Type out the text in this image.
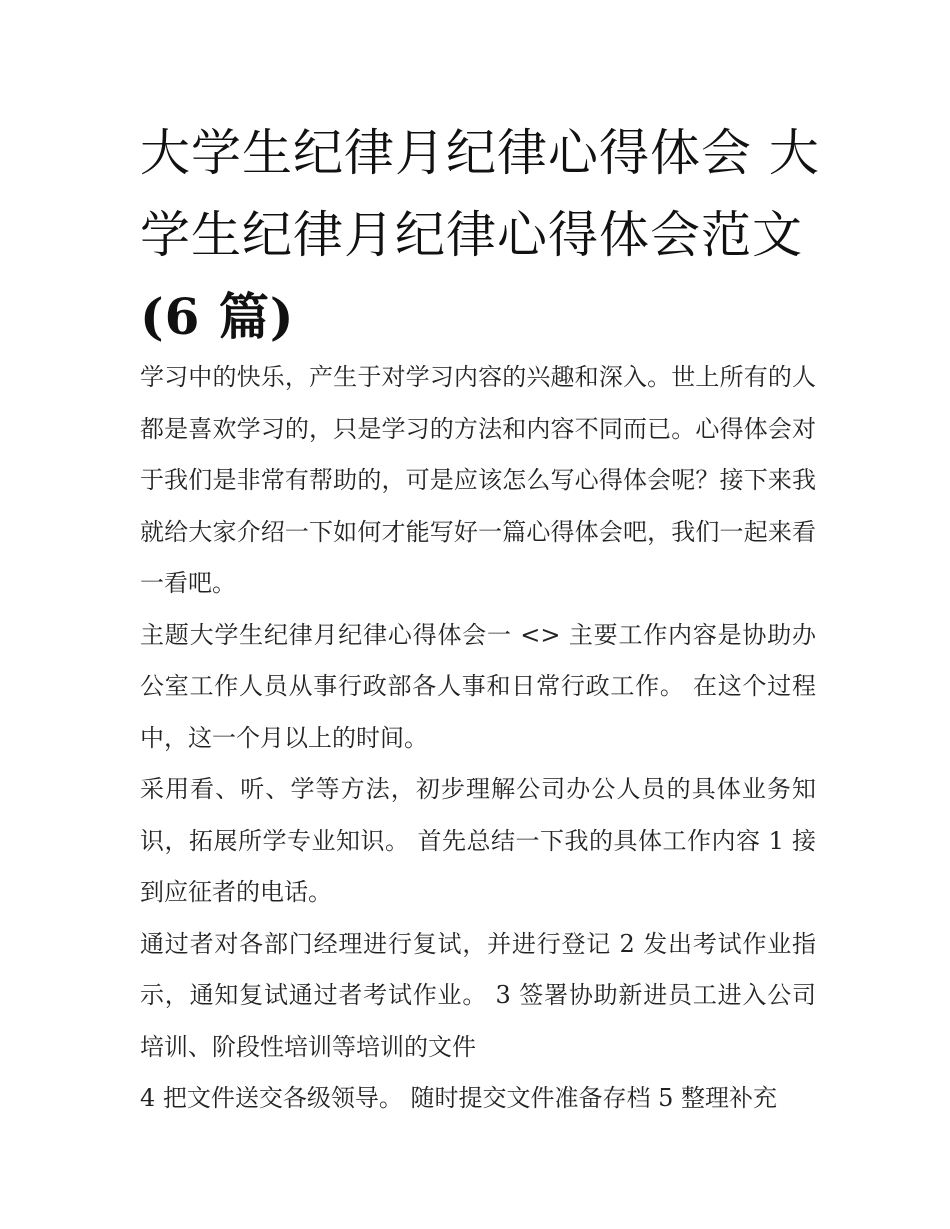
大学生纪律月纪律心得体会 大
学生纪律月纪律心得体会范文
(6 篇)

学习中的快乐，产生于对学习内容的兴趣和深入。世上所有的人都是喜欢学习的，只是学习的方法和内容不同而已。心得体会对于我们是非常有帮助的，可是应该怎么写心得体会呢？接下来我就给大家介绍一下如何才能写好一篇心得体会吧，我们一起来看一看吧。

主题大学生纪律月纪律心得体会一 <> 主要工作内容是协助办公室工作人员从事行政部各人事和日常行政工作。 在这个过程中，这一个月以上的时间。

采用看、听、学等方法，初步理解公司办公人员的具体业务知识，拓展所学专业知识。 首先总结一下我的具体工作内容 1 接到应征者的电话。

通过者对各部门经理进行复试，并进行登记 2 发出考试作业指示，通知复试通过者考试作业。 3 签署协助新进员工进入公司培训、阶段性培训等培训的文件

4 把文件送交各级领导。 随时提交文件准备存档 5 整理补充
